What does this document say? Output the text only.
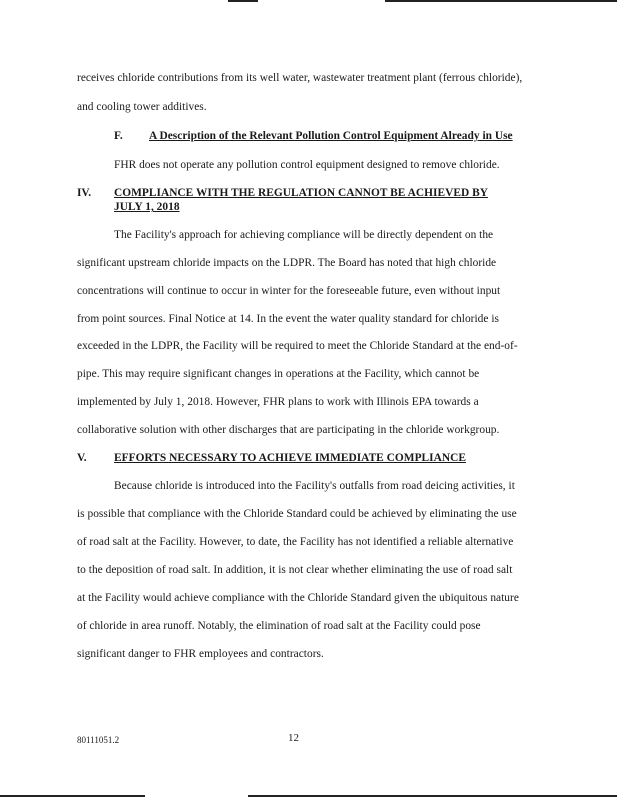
receives chloride contributions from its well water, wastewater treatment plant (ferrous chloride),
and cooling tower additives.
F. A Description of the Relevant Pollution Control Equipment Already in Use
FHR does not operate any pollution control equipment designed to remove chloride.
IV. COMPLIANCE WITH THE REGULATION CANNOT BE ACHIEVED BY
JULY 1, 2018
The Facility's approach for achieving compliance will be directly dependent on the
significant upstream chloride impacts on the LDPR. The Board has noted that high chloride
concentrations will continue to occur in winter for the foreseeable future, even without input
from point sources. Final Notice at 14. In the event the water quality standard for chloride is
exceeded in the LDPR, the Facility will be required to meet the Chloride Standard at the end-of-
pipe. This may require significant changes in operations at the Facility, which cannot be
implemented by July 1, 2018. However, FHR plans to work with Illinois EPA towards a
collaborative solution with other discharges that are participating in the chloride workgroup.
V. EFFORTS NECESSARY TO ACHIEVE IMMEDIATE COMPLIANCE
Because chloride is introduced into the Facility's outfalls from road deicing activities, it
is possible that compliance with the Chloride Standard could be achieved by eliminating the use
of road salt at the Facility. However, to date, the Facility has not identified a reliable alternative
to the deposition of road salt. In addition, it is not clear whether eliminating the use of road salt
at the Facility would achieve compliance with the Chloride Standard given the ubiquitous nature
of chloride in area runoff. Notably, the elimination of road salt at the Facility could pose
significant danger to FHR employees and contractors.
80111051.2	12
